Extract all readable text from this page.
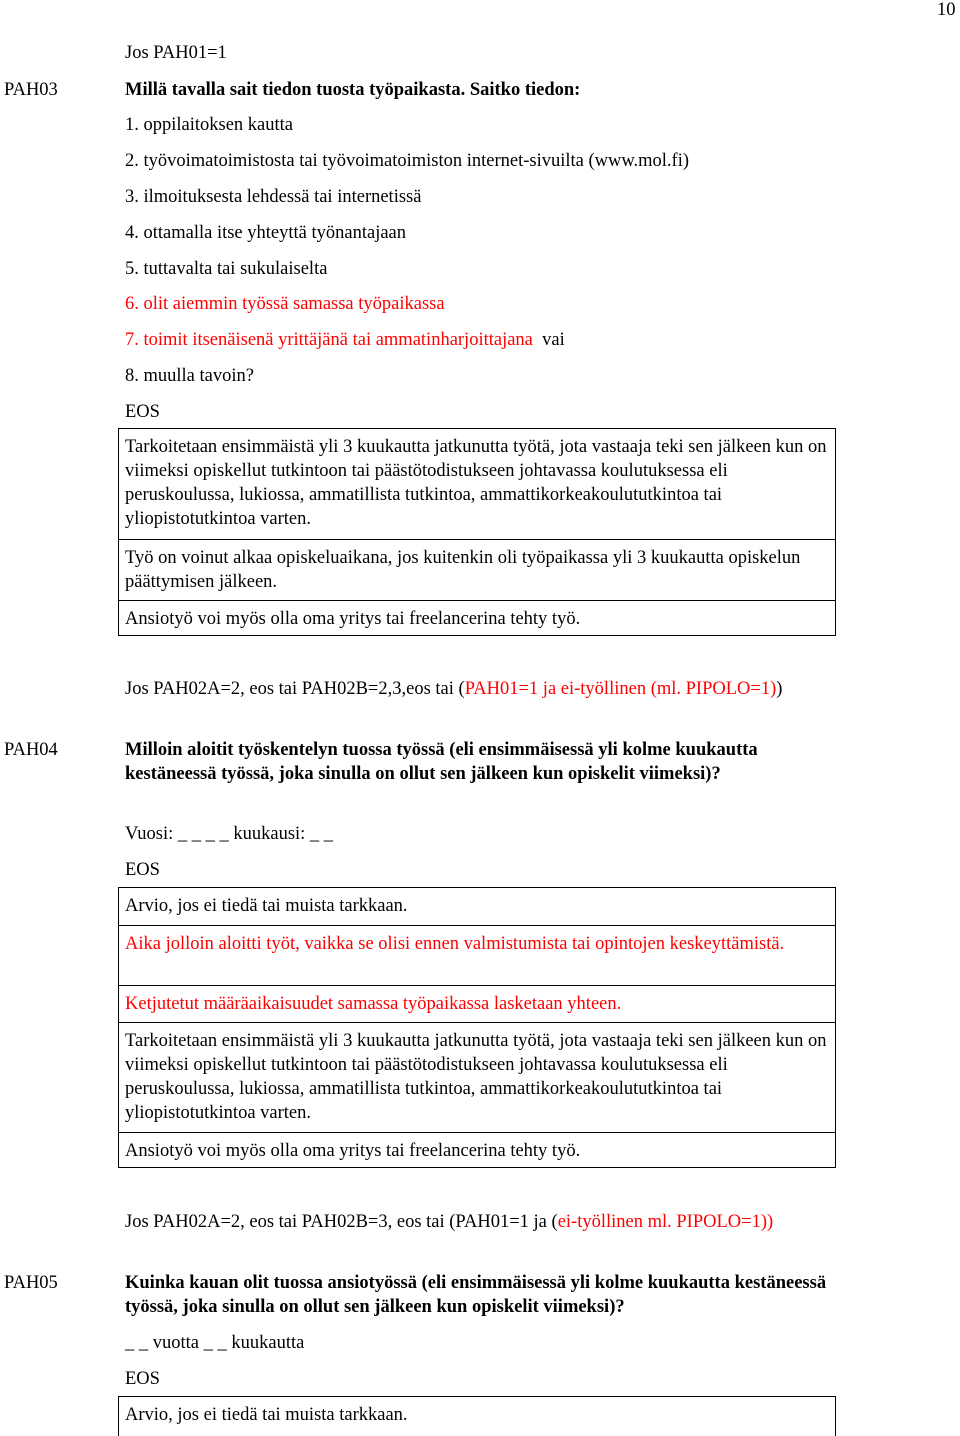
10
Jos PAH01=1
PAH03	Millä tavalla sait tiedon tuosta työpaikasta. Saitko tiedon:
1. oppilaitoksen kautta
2. työvoimatoimistosta tai työvoimatoimiston internet-sivuilta (www.mol.fi)
3. ilmoituksesta lehdessä tai internetissä
4. ottamalla itse yhteyttä työnantajaan
5. tuttavalta tai sukulaiselta
6. olit aiemmin työssä samassa työpaikassa
7. toimit itsenäisenä yrittäjänä tai ammatinharjoittajana vai
8. muulla tavoin?
EOS
Tarkoitetaan ensimmäistä yli 3 kuukautta jatkunutta työtä, jota vastaaja teki sen jälkeen kun on viimeksi opiskellut tutkintoon tai päästötodistukseen johtavassa koulutuksessa eli peruskoulussa, lukiossa, ammatillista tutkintoa, ammattikorkeakoulututkintoa tai yliopistotutkintoa varten.
Työ on voinut alkaa opiskeluaikana, jos kuitenkin oli työpaikassa yli 3 kuukautta opiskelun päättymisen jälkeen.
Ansiotyö voi myös olla oma yritys tai freelancerina tehty työ.
Jos PAH02A=2, eos tai PAH02B=2,3,eos tai (PAH01=1 ja ei-työllinen (ml. PIPOLO=1))
PAH04	Milloin aloitit työskentelyn tuossa työssä (eli ensimmäisessä yli kolme kuukautta kestäneessä työssä, joka sinulla on ollut sen jälkeen kun opiskelit viimeksi)?
Vuosi: _ _ _ _ kuukausi: _ _
EOS
Arvio, jos ei tiedä tai muista tarkkaan.
Aika jolloin aloitti työt, vaikka se olisi ennen valmistumista tai opintojen keskeyttämistä.
Ketjutetut määräaikaisuudet samassa työpaikassa lasketaan yhteen.
Tarkoitetaan ensimmäistä yli 3 kuukautta jatkunutta työtä, jota vastaaja teki sen jälkeen kun on viimeksi opiskellut tutkintoon tai päästötodistukseen johtavassa koulutuksessa eli peruskoulussa, lukiossa, ammatillista tutkintoa, ammattikorkeakoulututkintoa tai yliopistotutkintoa varten.
Ansiotyö voi myös olla oma yritys tai freelancerina tehty työ.
Jos PAH02A=2, eos tai PAH02B=3, eos tai (PAH01=1 ja (ei-työllinen ml. PIPOLO=1))
PAH05	Kuinka kauan olit tuossa ansiotyössä (eli ensimmäisessä yli kolme kuukautta kestäneessä työssä, joka sinulla on ollut sen jälkeen kun opiskelit viimeksi)?
_ _ vuotta _ _ kuukautta
EOS
Arvio, jos ei tiedä tai muista tarkkaan.
